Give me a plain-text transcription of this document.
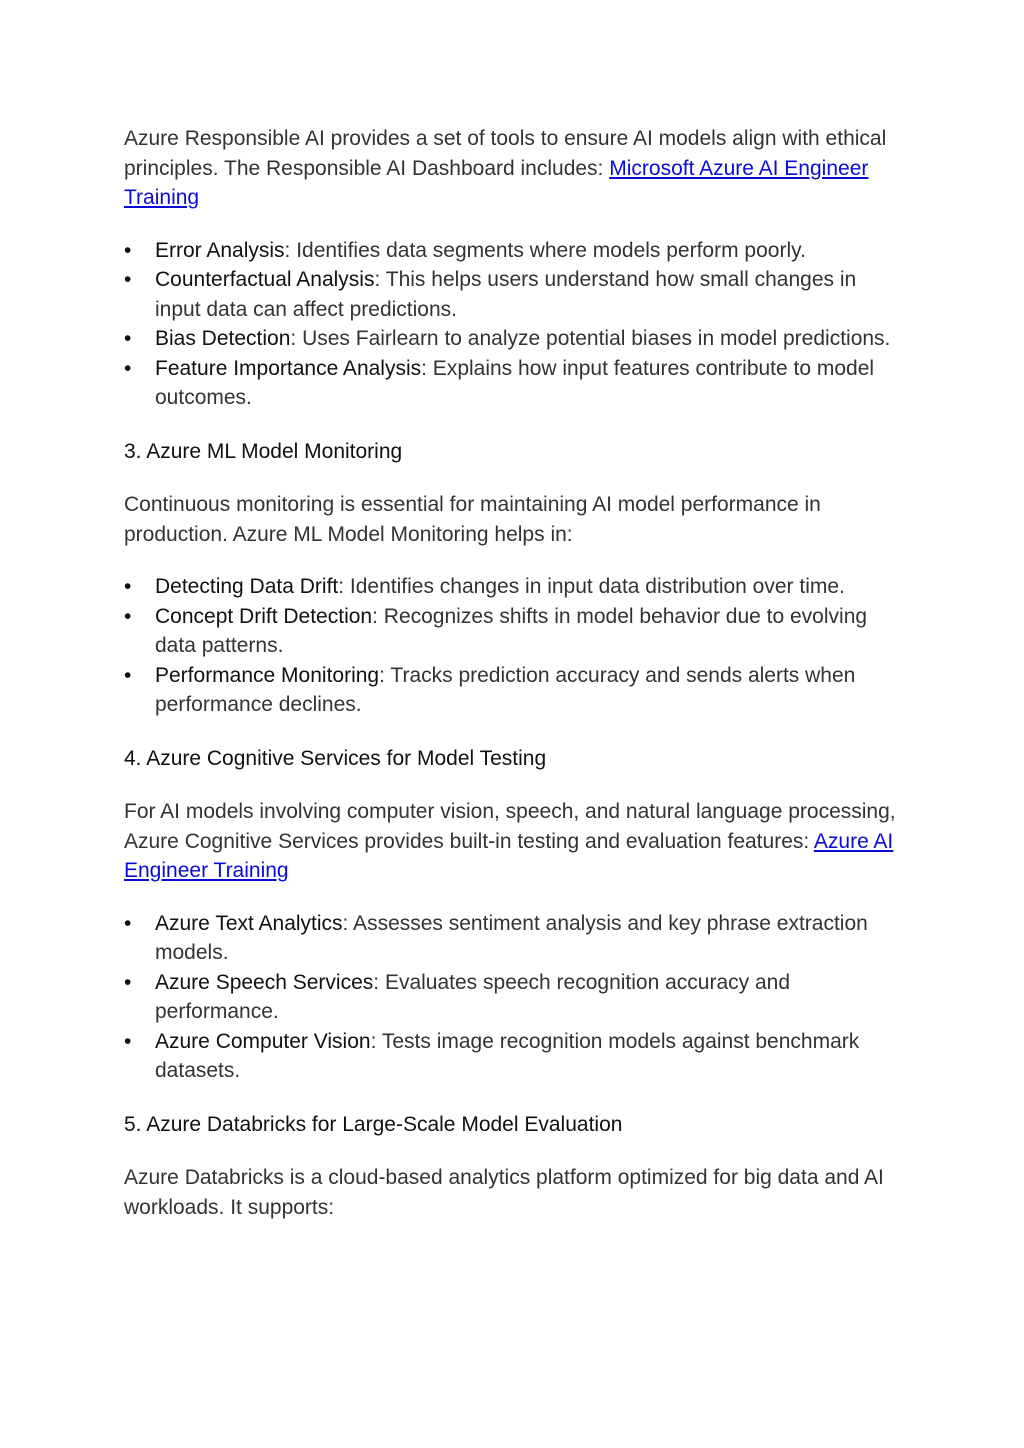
Azure Responsible AI provides a set of tools to ensure AI models align with ethical principles. The Responsible AI Dashboard includes: Microsoft Azure AI Engineer Training

• Error Analysis: Identifies data segments where models perform poorly.
• Counterfactual Analysis: This helps users understand how small changes in input data can affect predictions.
• Bias Detection: Uses Fairlearn to analyze potential biases in model predictions.
• Feature Importance Analysis: Explains how input features contribute to model outcomes.

3. Azure ML Model Monitoring

Continuous monitoring is essential for maintaining AI model performance in production. Azure ML Model Monitoring helps in:

• Detecting Data Drift: Identifies changes in input data distribution over time.
• Concept Drift Detection: Recognizes shifts in model behavior due to evolving data patterns.
• Performance Monitoring: Tracks prediction accuracy and sends alerts when performance declines.

4. Azure Cognitive Services for Model Testing

For AI models involving computer vision, speech, and natural language processing, Azure Cognitive Services provides built-in testing and evaluation features: Azure AI Engineer Training

• Azure Text Analytics: Assesses sentiment analysis and key phrase extraction models.
• Azure Speech Services: Evaluates speech recognition accuracy and performance.
• Azure Computer Vision: Tests image recognition models against benchmark datasets.

5. Azure Databricks for Large-Scale Model Evaluation

Azure Databricks is a cloud-based analytics platform optimized for big data and AI workloads. It supports:
